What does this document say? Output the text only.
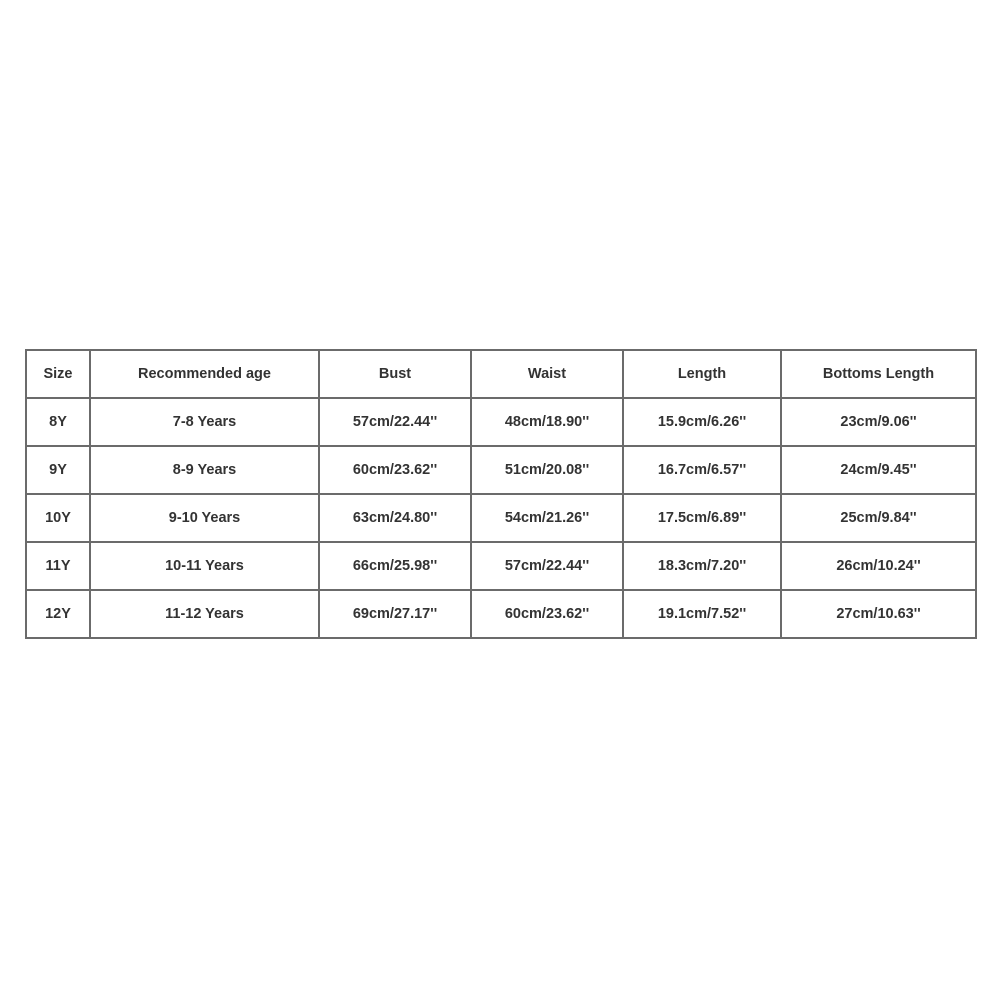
Size	Recommended age	Bust	Waist	Length	Bottoms Length
8Y	7-8 Years	57cm/22.44''	48cm/18.90''	15.9cm/6.26''	23cm/9.06''
9Y	8-9 Years	60cm/23.62''	51cm/20.08''	16.7cm/6.57''	24cm/9.45''
10Y	9-10 Years	63cm/24.80''	54cm/21.26''	17.5cm/6.89''	25cm/9.84''
11Y	10-11 Years	66cm/25.98''	57cm/22.44''	18.3cm/7.20''	26cm/10.24''
12Y	11-12 Years	69cm/27.17''	60cm/23.62''	19.1cm/7.52''	27cm/10.63''
